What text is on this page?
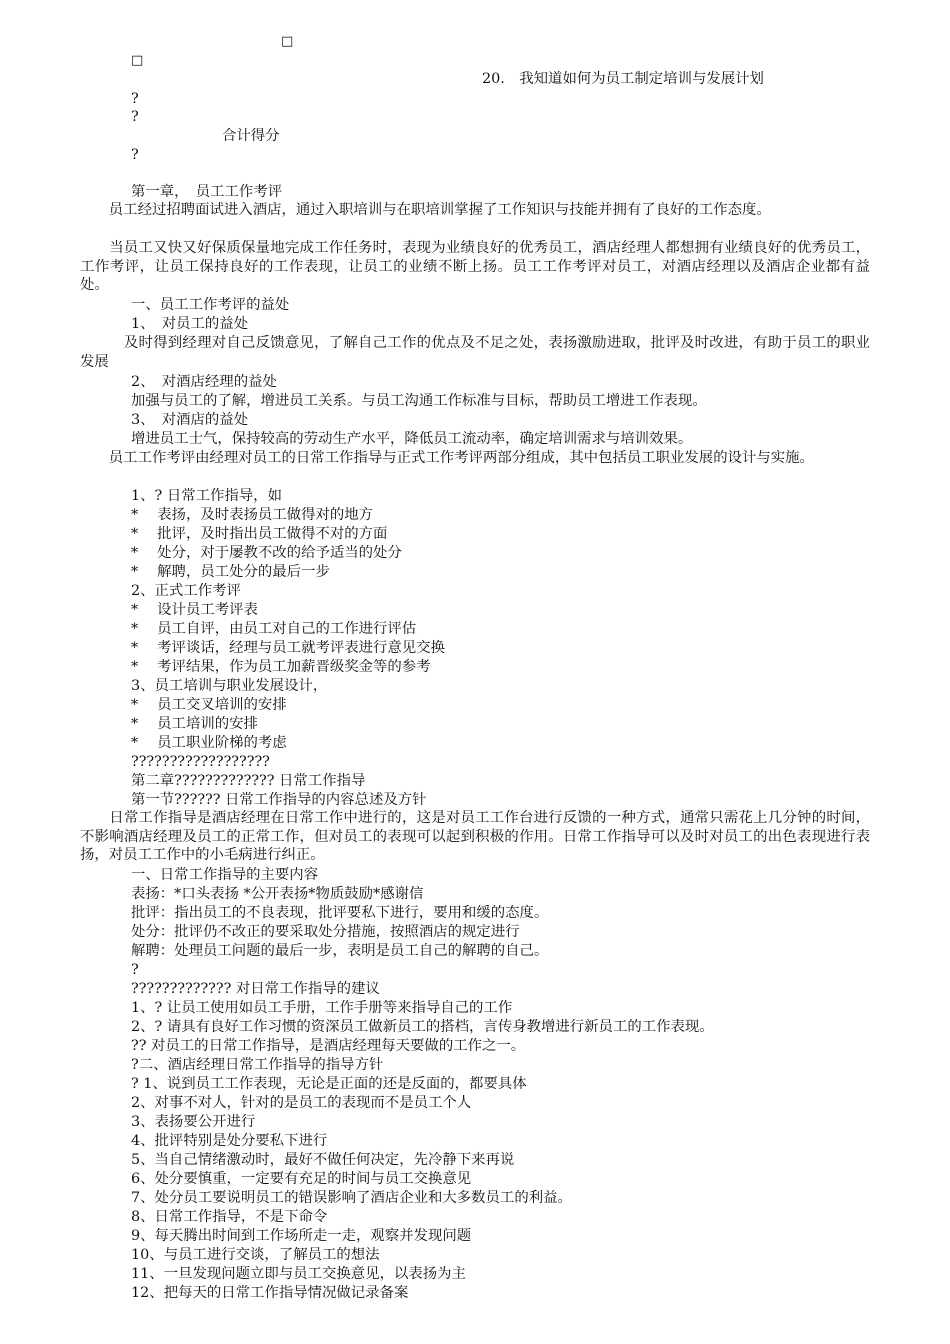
□
□
20.　我知道如何为员工制定培训与发展计划
?
?
合计得分
?
第一章，　员工工作考评
　　员工经过招聘面试进入酒店，通过入职培训与在职培训掌握了工作知识与技能并拥有了良好的工作态度。
　　当员工又快又好保质保量地完成工作任务时，表现为业绩良好的优秀员工，酒店经理人都想拥有业绩良好的优秀员工，工作考评，让员工保持良好的工作表现，让员工的业绩不断上扬。员工工作考评对员工，对酒店经理以及酒店企业都有益处。
一、员工工作考评的益处
1、　对员工的益处
　　　及时得到经理对自己反馈意见，了解自己工作的优点及不足之处，表扬激励进取，批评及时改进，有助于员工的职业发展
2、　对酒店经理的益处
加强与员工的了解，增进员工关系。与员工沟通工作标准与目标，帮助员工增进工作表现。
3、　对酒店的益处
增进员工士气，保持较高的劳动生产水平，降低员工流动率，确定培训需求与培训效果。
　　员工工作考评由经理对员工的日常工作指导与正式工作考评两部分组成，其中包括员工职业发展的设计与实施。
1、? 日常工作指导，如
*　 表扬，及时表扬员工做得对的地方
*　 批评，及时指出员工做得不对的方面
*　 处分，对于屡教不改的给予适当的处分
*　 解聘，员工处分的最后一步
2、正式工作考评
*　 设计员工考评表
*　 员工自评，由员工对自己的工作进行评估
*　 考评谈话，经理与员工就考评表进行意见交换
*　 考评结果，作为员工加薪晋级奖金等的参考
3、员工培训与职业发展设计，
*　 员工交叉培训的安排
*　 员工培训的安排
*　 员工职业阶梯的考虑
??????????????????
第二章????????????? 日常工作指导
第一节?????? 日常工作指导的内容总述及方针
　　日常工作指导是酒店经理在日常工作中进行的，这是对员工工作台进行反馈的一种方式，通常只需花上几分钟的时间，不影响酒店经理及员工的正常工作，但对员工的表现可以起到积极的作用。日常工作指导可以及时对员工的出色表现进行表扬，对员工工作中的小毛病进行纠正。
一、日常工作指导的主要内容
表扬：*口头表扬 *公开表扬*物质鼓励*感谢信
批评：指出员工的不良表现，批评要私下进行，要用和缓的态度。
处分：批评仍不改正的要采取处分措施，按照酒店的规定进行
解聘：处理员工问题的最后一步，表明是员工自己的解聘的自己。
?
????????????? 对日常工作指导的建议
1、? 让员工使用如员工手册，工作手册等来指导自己的工作
2、? 请具有良好工作习惯的资深员工做新员工的搭档，言传身教增进行新员工的工作表现。
?? 对员工的日常工作指导，是酒店经理每天要做的工作之一。
?二、酒店经理日常工作指导的指导方针
? 1、说到员工工作表现，无论是正面的还是反面的，都要具体
2、对事不对人，针对的是员工的表现而不是员工个人
3、表扬要公开进行
4、批评特别是处分要私下进行
5、当自己情绪激动时，最好不做任何决定，先冷静下来再说
6、处分要慎重，一定要有充足的时间与员工交换意见
7、处分员工要说明员工的错误影响了酒店企业和大多数员工的利益。
8、日常工作指导，不是下命令
9、每天腾出时间到工作场所走一走，观察并发现问题
10、与员工进行交谈，了解员工的想法
11、一旦发现问题立即与员工交换意见，以表扬为主
12、把每天的日常工作指导情况做记录备案
